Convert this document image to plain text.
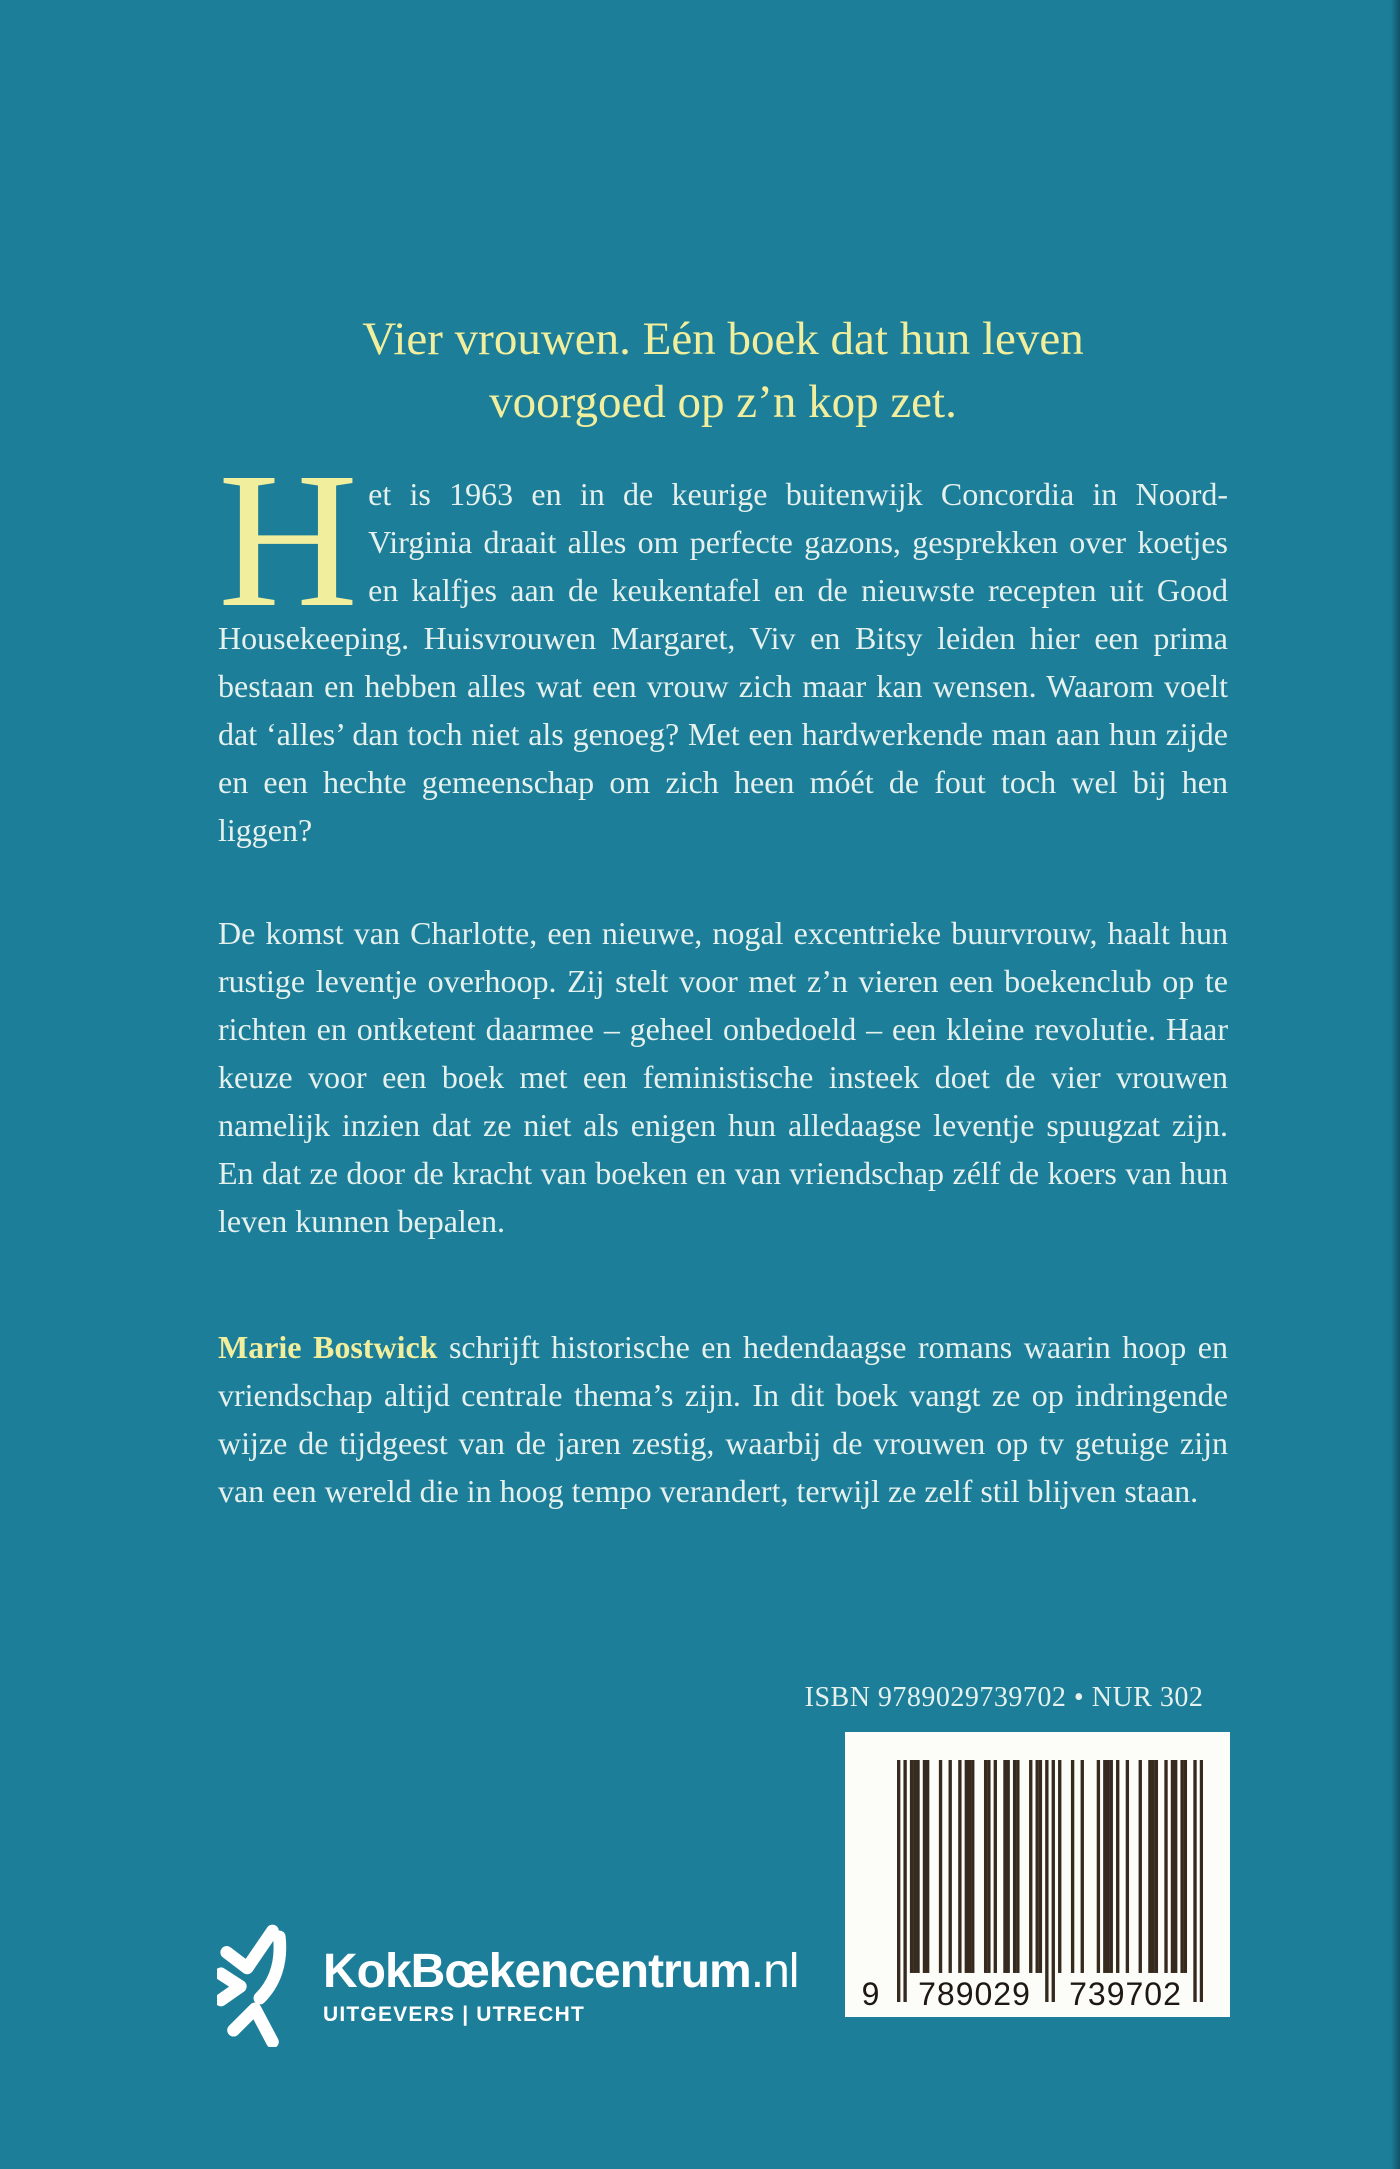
Vier vrouwen. Eén boek dat hun leven
voorgoed op z’n kop zet.

Het is 1963 en in de keurige buitenwijk Concordia in Noord-Virginia draait alles om perfecte gazons, gesprekken over koetjes en kalfjes aan de keukentafel en de nieuwste recepten uit Good Housekeeping. Huisvrouwen Margaret, Viv en Bitsy leiden hier een prima bestaan en hebben alles wat een vrouw zich maar kan wensen. Waarom voelt dat ‘alles’ dan toch niet als genoeg? Met een hardwerkende man aan hun zijde en een hechte gemeenschap om zich heen móét de fout toch wel bij hen liggen?

De komst van Charlotte, een nieuwe, nogal excentrieke buurvrouw, haalt hun rustige leventje overhoop. Zij stelt voor met z’n vieren een boekenclub op te richten en ontketent daarmee – geheel onbedoeld – een kleine revolutie. Haar keuze voor een boek met een feministische insteek doet de vier vrouwen namelijk inzien dat ze niet als enigen hun alledaagse leventje spuugzat zijn. En dat ze door de kracht van boeken en van vriendschap zélf de koers van hun leven kunnen bepalen.

Marie Bostwick schrijft historische en hedendaagse romans waarin hoop en vriendschap altijd centrale thema’s zijn. In dit boek vangt ze op indringende wijze de tijdgeest van de jaren zestig, waarbij de vrouwen op tv getuige zijn van een wereld die in hoog tempo verandert, terwijl ze zelf stil blijven staan.

ISBN 9789029739702 • NUR 302
9	789029	739702
KokBœkencentrum.nl
UITGEVERS | UTRECHT
